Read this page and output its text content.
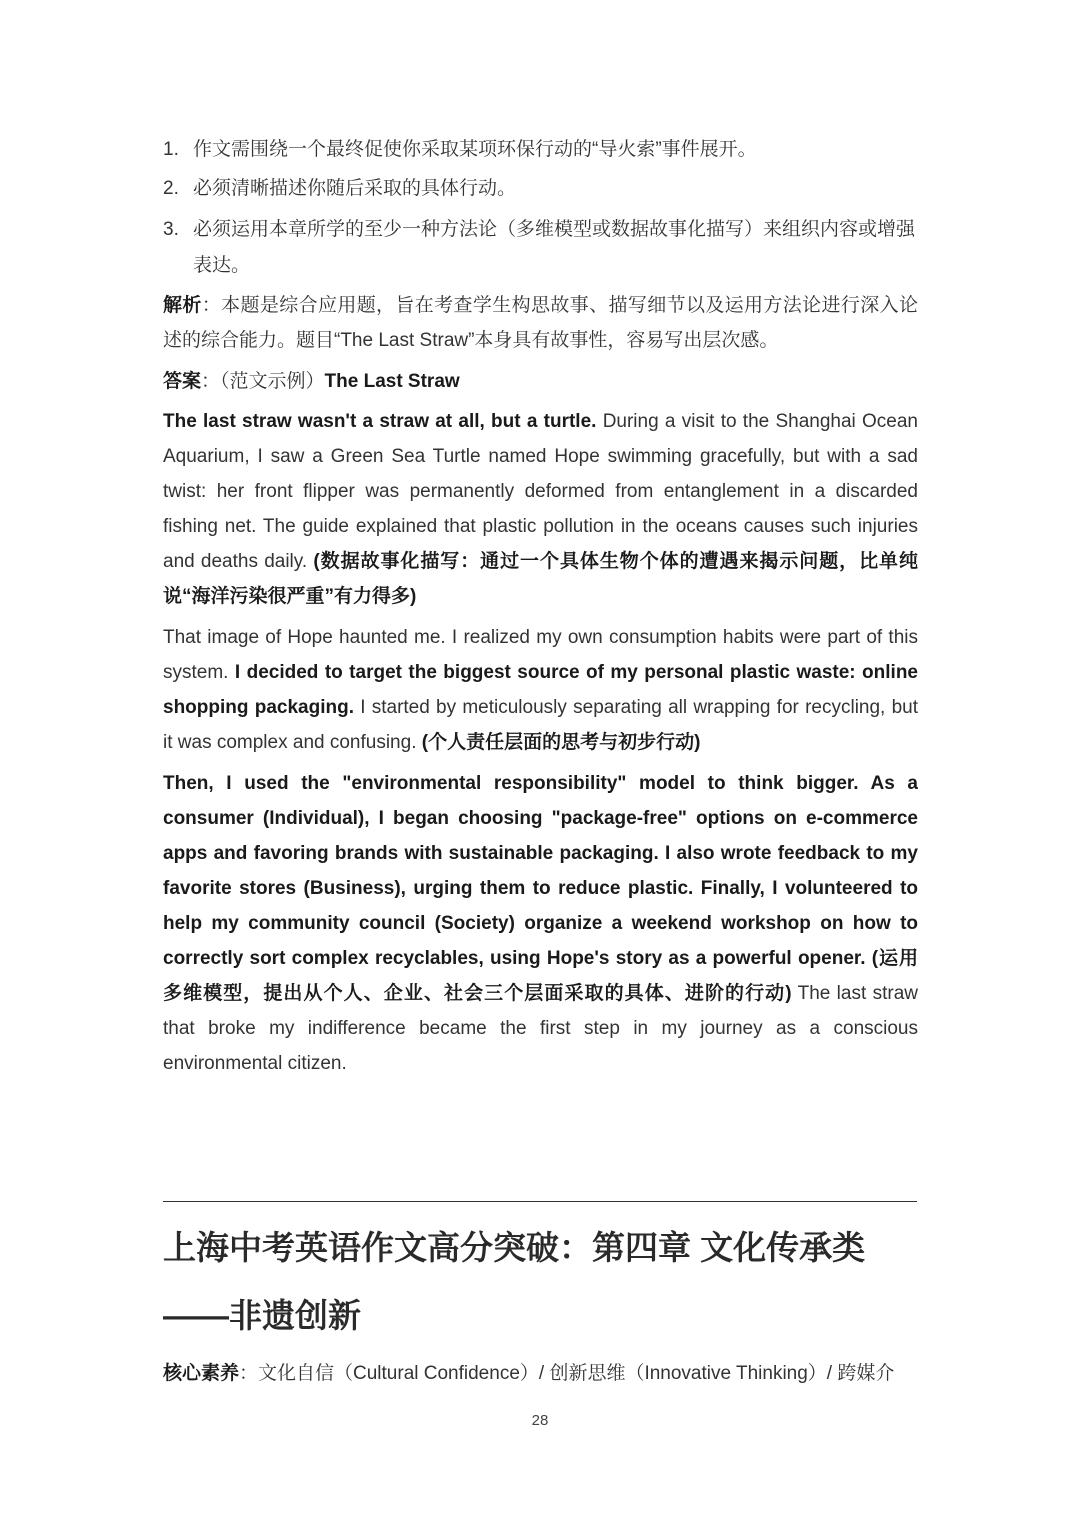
1. 作文需围绕一个最终促使你采取某项环保行动的“导火索”事件展开。
2. 必须清晰描述你随后采取的具体行动。
3. 必须运用本章所学的至少一种方法论（多维模型或数据故事化描写）来组织内容或增强表达。
解析：本题是综合应用题，旨在考查学生构思故事、描写细节以及运用方法论进行深入论述的综合能力。题目“The Last Straw”本身具有故事性，容易写出层次感。
答案：（范文示例）The Last Straw
The last straw wasn't a straw at all, but a turtle. During a visit to the Shanghai Ocean Aquarium, I saw a Green Sea Turtle named Hope swimming gracefully, but with a sad twist: her front flipper was permanently deformed from entanglement in a discarded fishing net. The guide explained that plastic pollution in the oceans causes such injuries and deaths daily. (数据故事化描写：通过一个具体生物个体的遭遇来揭示问题，比单纯说“海洋污染很严重”有力得多)
That image of Hope haunted me. I realized my own consumption habits were part of this system. I decided to target the biggest source of my personal plastic waste: online shopping packaging. I started by meticulously separating all wrapping for recycling, but it was complex and confusing. (个人责任层面的思考与初步行动)
Then, I used the "environmental responsibility" model to think bigger. As a consumer (Individual), I began choosing "package-free" options on e-commerce apps and favoring brands with sustainable packaging. I also wrote feedback to my favorite stores (Business), urging them to reduce plastic. Finally, I volunteered to help my community council (Society) organize a weekend workshop on how to correctly sort complex recyclables, using Hope's story as a powerful opener. (运用多维模型，提出从个人、企业、社会三个层面采取的具体、进阶的行动) The last straw that broke my indifference became the first step in my journey as a conscious environmental citizen.
上海中考英语作文高分突破：第四章 文化传承类——非遗创新
核心素养：文化自信（Cultural Confidence）/ 创新思维（Innovative Thinking）/ 跨媒介
28
